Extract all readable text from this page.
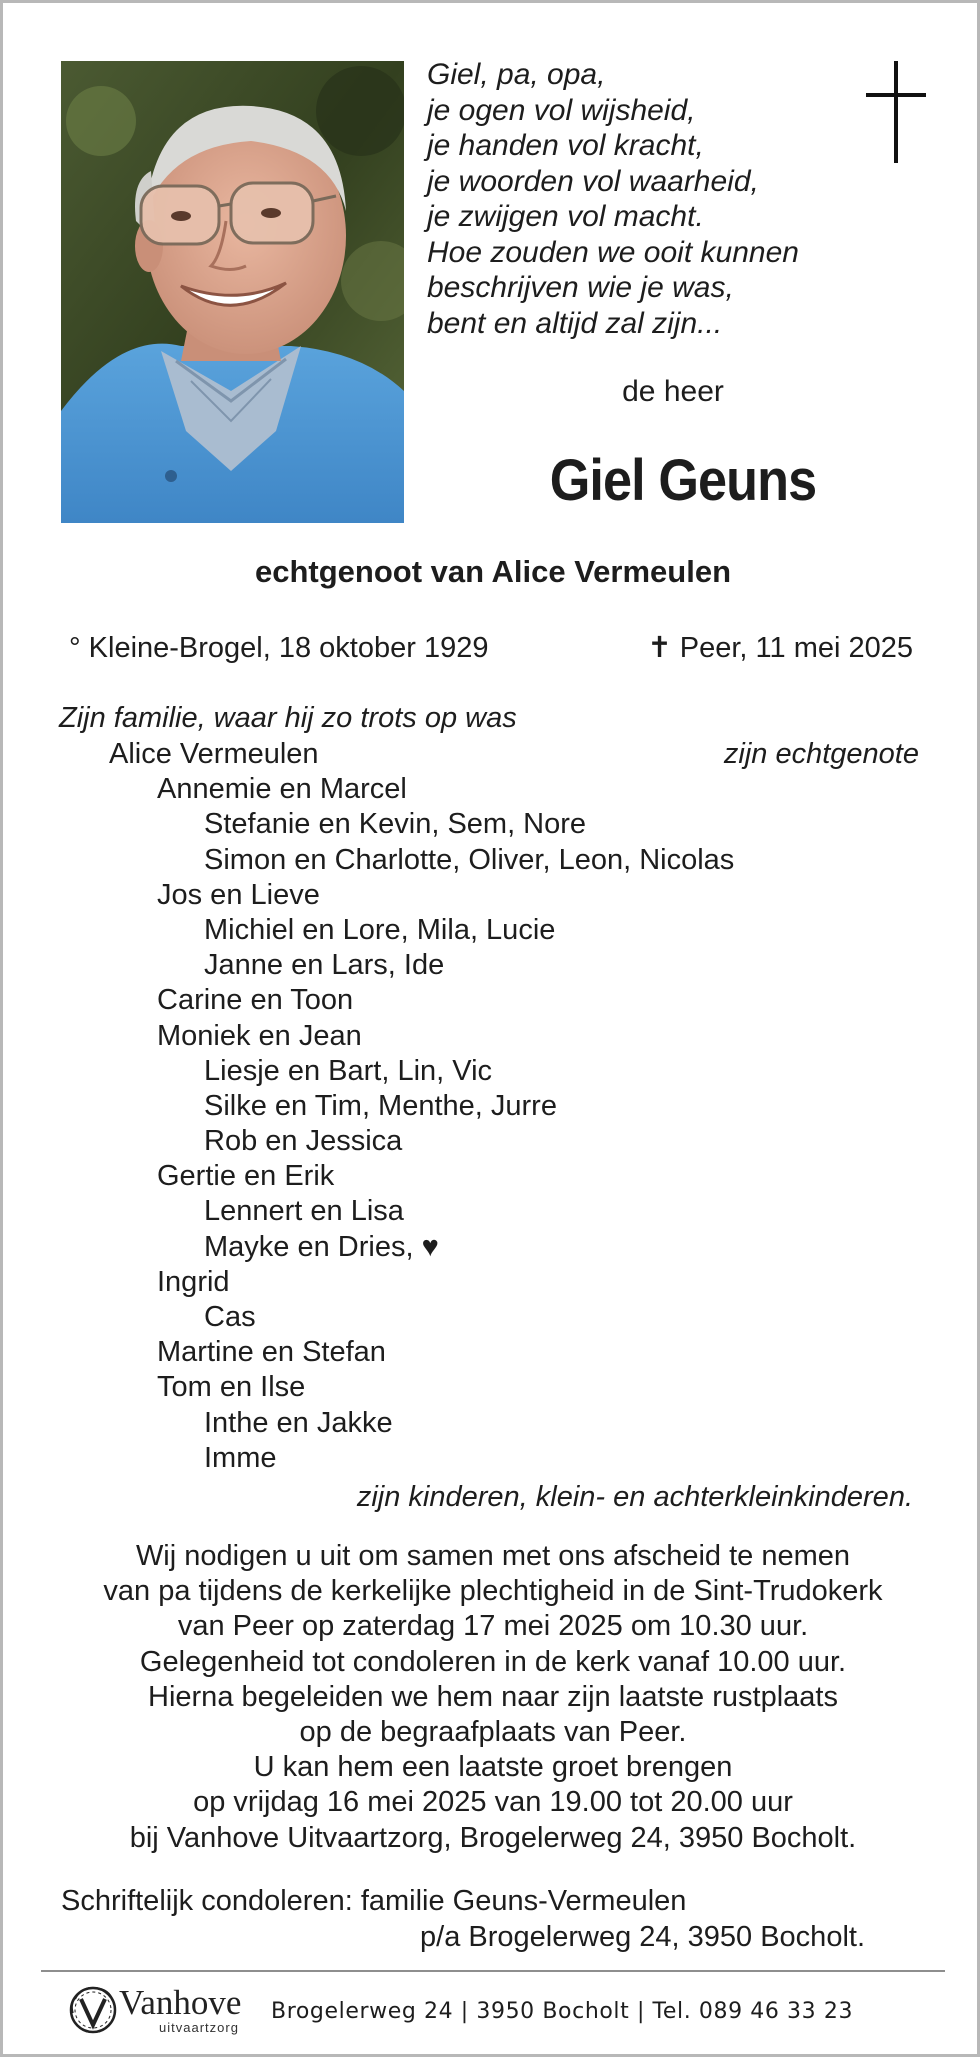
Giel, pa, opa,
je ogen vol wijsheid,
je handen vol kracht,
je woorden vol waarheid,
je zwijgen vol macht.
Hoe zouden we ooit kunnen
beschrijven wie je was,
bent en altijd zal zijn...
de heer
Giel Geuns
echtgenoot van Alice Vermeulen
° Kleine-Brogel, 18 oktober 1929	✝ Peer, 11 mei 2025
Zijn familie, waar hij zo trots op was
Alice Vermeulen	zijn echtgenote
Annemie en Marcel
Stefanie en Kevin, Sem, Nore
Simon en Charlotte, Oliver, Leon, Nicolas
Jos en Lieve
Michiel en Lore, Mila, Lucie
Janne en Lars, Ide
Carine en Toon
Moniek en Jean
Liesje en Bart, Lin, Vic
Silke en Tim, Menthe, Jurre
Rob en Jessica
Gertie en Erik
Lennert en Lisa
Mayke en Dries, ♥
Ingrid
Cas
Martine en Stefan
Tom en Ilse
Inthe en Jakke
Imme
zijn kinderen, klein- en achterkleinkinderen.
Wij nodigen u uit om samen met ons afscheid te nemen
van pa tijdens de kerkelijke plechtigheid in de Sint-Trudokerk
van Peer op zaterdag 17 mei 2025 om 10.30 uur.
Gelegenheid tot condoleren in de kerk vanaf 10.00 uur.
Hierna begeleiden we hem naar zijn laatste rustplaats
op de begraafplaats van Peer.
U kan hem een laatste groet brengen
op vrijdag 16 mei 2025 van 19.00 tot 20.00 uur
bij Vanhove Uitvaartzorg, Brogelerweg 24, 3950 Bocholt.
Schriftelijk condoleren: familie Geuns-Vermeulen
p/a Brogelerweg 24, 3950 Bocholt.
Vanhove
uitvaartzorg
Brogelerweg 24 | 3950 Bocholt | Tel. 089 46 33 23
